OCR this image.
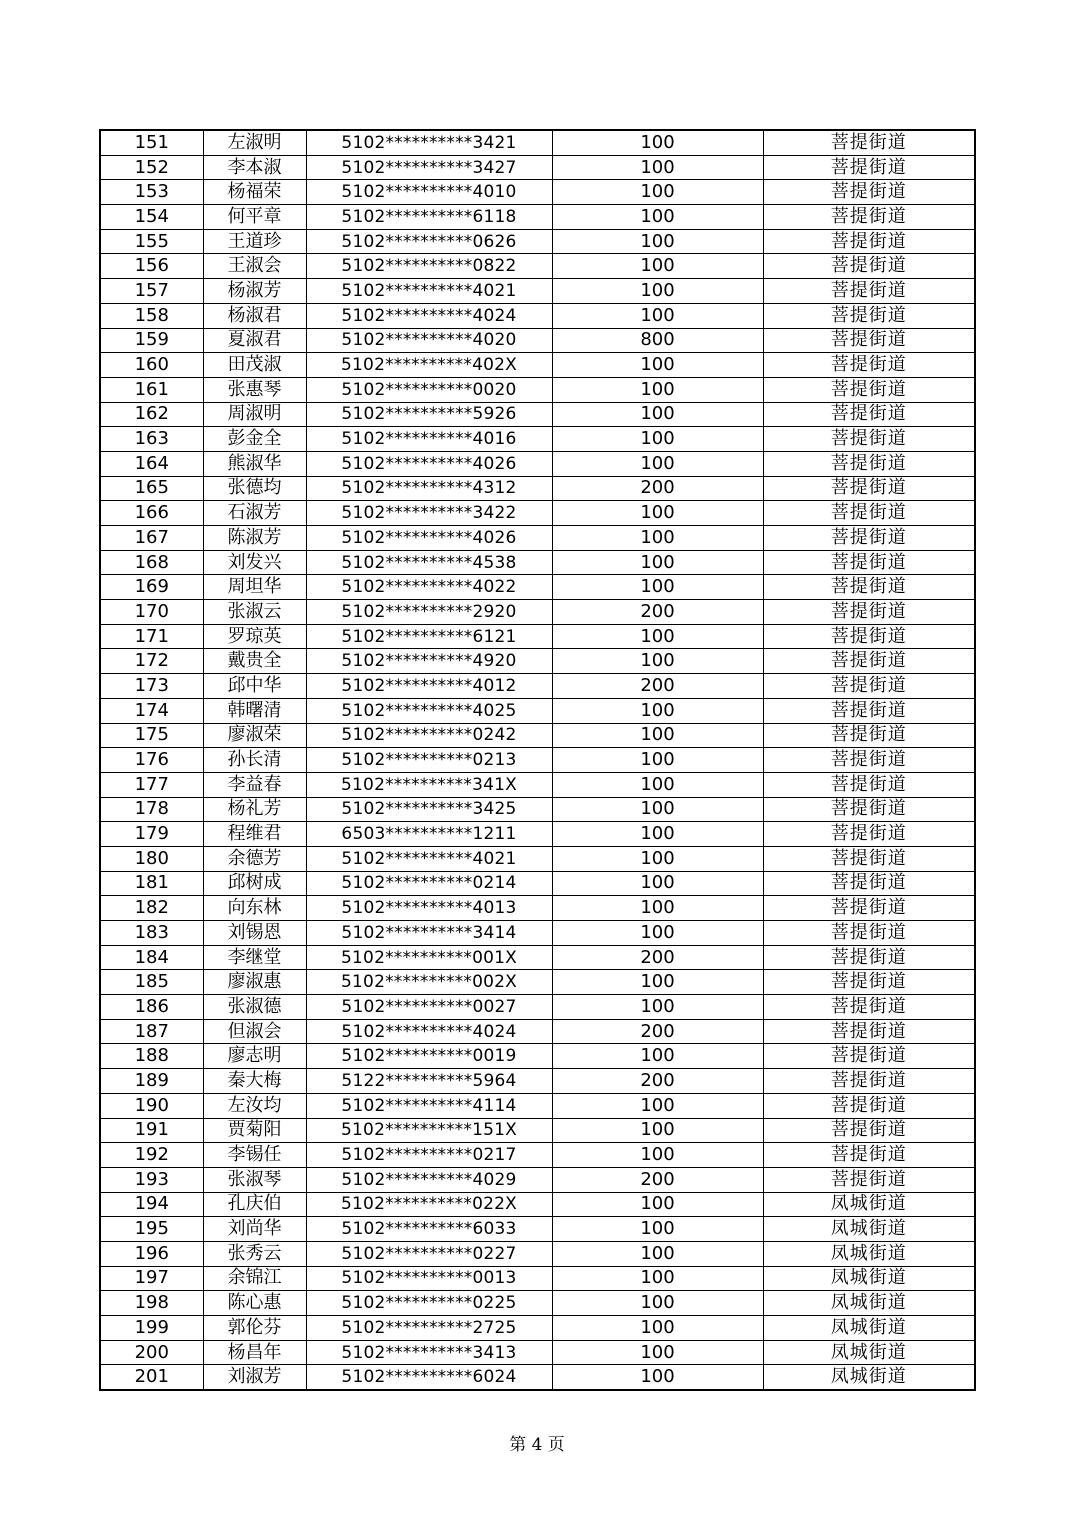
151	左淑明	5102**********3421	100	菩提街道
152	李本淑	5102**********3427	100	菩提街道
153	杨福荣	5102**********4010	100	菩提街道
154	何平章	5102**********6118	100	菩提街道
155	王道珍	5102**********0626	100	菩提街道
156	王淑会	5102**********0822	100	菩提街道
157	杨淑芳	5102**********4021	100	菩提街道
158	杨淑君	5102**********4024	100	菩提街道
159	夏淑君	5102**********4020	800	菩提街道
160	田茂淑	5102**********402X	100	菩提街道
161	张惠琴	5102**********0020	100	菩提街道
162	周淑明	5102**********5926	100	菩提街道
163	彭金全	5102**********4016	100	菩提街道
164	熊淑华	5102**********4026	100	菩提街道
165	张德均	5102**********4312	200	菩提街道
166	石淑芳	5102**********3422	100	菩提街道
167	陈淑芳	5102**********4026	100	菩提街道
168	刘发兴	5102**********4538	100	菩提街道
169	周坦华	5102**********4022	100	菩提街道
170	张淑云	5102**********2920	200	菩提街道
171	罗琼英	5102**********6121	100	菩提街道
172	戴贵全	5102**********4920	100	菩提街道
173	邱中华	5102**********4012	200	菩提街道
174	韩曙清	5102**********4025	100	菩提街道
175	廖淑荣	5102**********0242	100	菩提街道
176	孙长清	5102**********0213	100	菩提街道
177	李益春	5102**********341X	100	菩提街道
178	杨礼芳	5102**********3425	100	菩提街道
179	程维君	6503**********1211	100	菩提街道
180	余德芳	5102**********4021	100	菩提街道
181	邱树成	5102**********0214	100	菩提街道
182	向东林	5102**********4013	100	菩提街道
183	刘锡恩	5102**********3414	100	菩提街道
184	李继堂	5102**********001X	200	菩提街道
185	廖淑惠	5102**********002X	100	菩提街道
186	张淑德	5102**********0027	100	菩提街道
187	但淑会	5102**********4024	200	菩提街道
188	廖志明	5102**********0019	100	菩提街道
189	秦大梅	5122**********5964	200	菩提街道
190	左汝均	5102**********4114	100	菩提街道
191	贾菊阳	5102**********151X	100	菩提街道
192	李锡任	5102**********0217	100	菩提街道
193	张淑琴	5102**********4029	200	菩提街道
194	孔庆伯	5102**********022X	100	凤城街道
195	刘尚华	5102**********6033	100	凤城街道
196	张秀云	5102**********0227	100	凤城街道
197	余锦江	5102**********0013	100	凤城街道
198	陈心惠	5102**********0225	100	凤城街道
199	郭伦芬	5102**********2725	100	凤城街道
200	杨昌年	5102**********3413	100	凤城街道
201	刘淑芳	5102**********6024	100	凤城街道
第 4 页
